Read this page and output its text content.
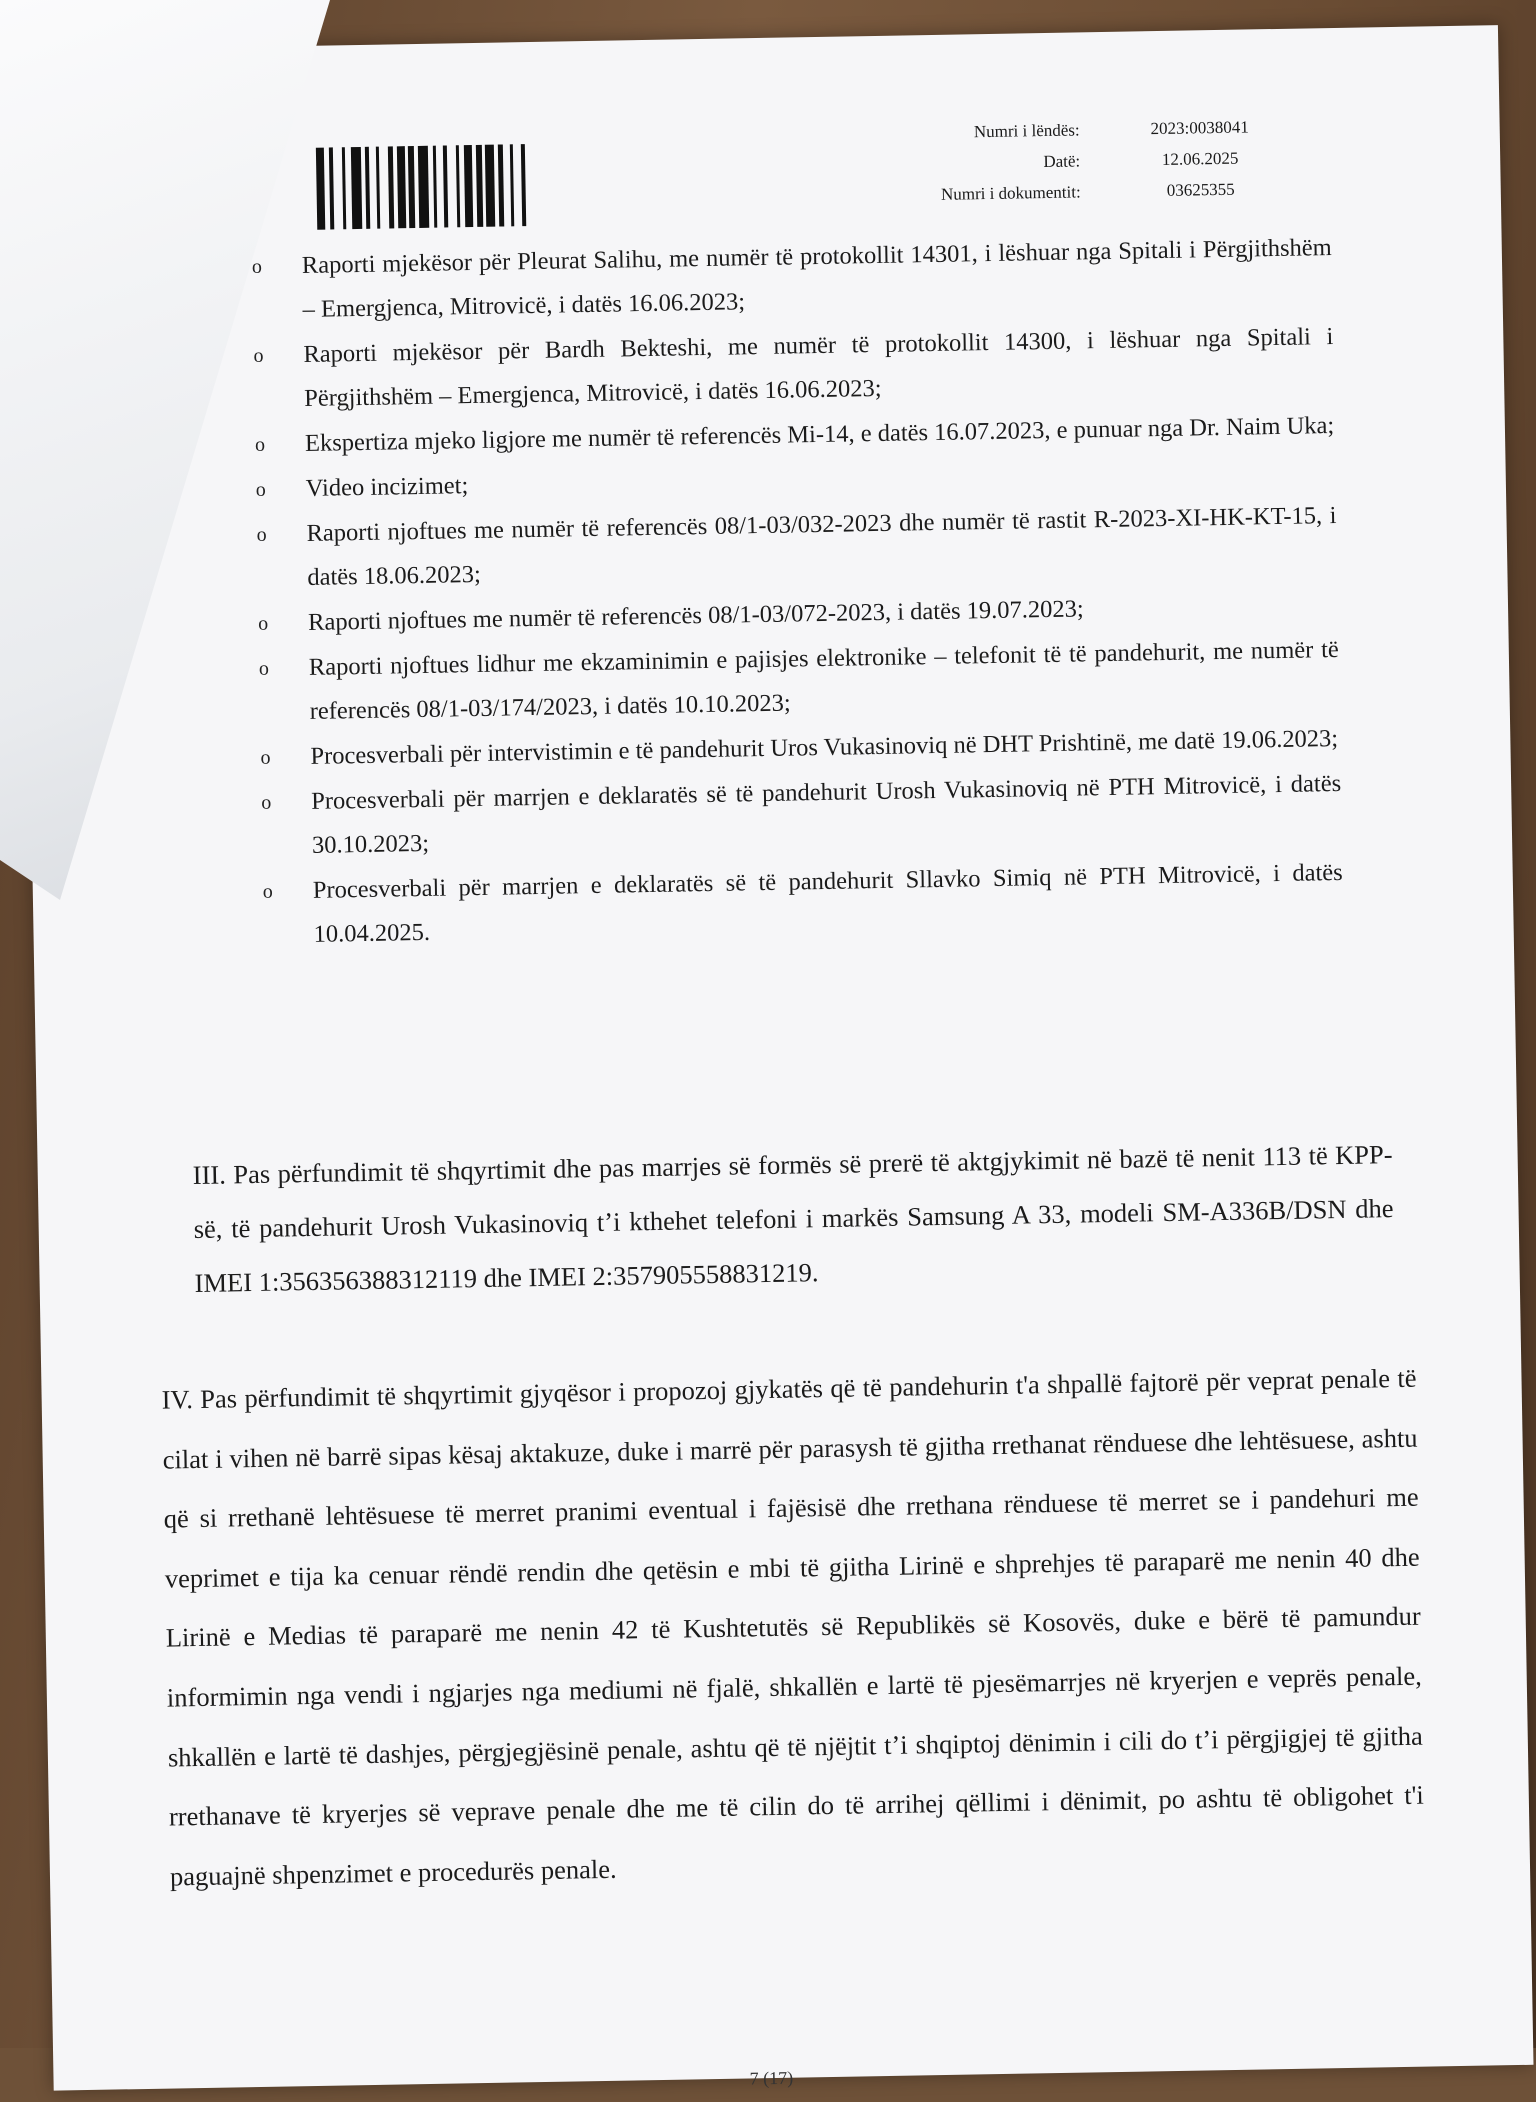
Numri i lëndës:	2023:0038041
Datë:	12.06.2025
Numri i dokumentit:	03625355
o Raporti mjekësor për Pleurat Salihu, me numër të protokollit 14301, i lëshuar nga Spitali i Përgjithshëm – Emergjenca, Mitrovicë, i datës 16.06.2023;
o Raporti mjekësor për Bardh Bekteshi, me numër të protokollit 14300, i lëshuar nga Spitali i Përgjithshëm – Emergjenca, Mitrovicë, i datës 16.06.2023;
o Ekspertiza mjeko ligjore me numër të referencës Mi-14, e datës 16.07.2023, e punuar nga Dr. Naim Uka;
o Video incizimet;
o Raporti njoftues me numër të referencës 08/1-03/032-2023 dhe numër të rastit R-2023-XI-HK-KT-15, i datës 18.06.2023;
o Raporti njoftues me numër të referencës 08/1-03/072-2023, i datës 19.07.2023;
o Raporti njoftues lidhur me ekzaminimin e pajisjes elektronike – telefonit të të pandehurit, me numër të referencës 08/1-03/174/2023, i datës 10.10.2023;
o Procesverbali për intervistimin e të pandehurit Uros Vukasinoviq në DHT Prishtinë, me datë 19.06.2023;
o Procesverbali për marrjen e deklaratës së të pandehurit Urosh Vukasinoviq në PTH Mitrovicë, i datës 30.10.2023;
o Procesverbali për marrjen e deklaratës së të pandehurit Sllavko Simiq në PTH Mitrovicë, i datës 10.04.2025.
III. Pas përfundimit të shqyrtimit dhe pas marrjes së formës së prerë të aktgjykimit në bazë të nenit 113 të KPP-së, të pandehurit Urosh Vukasinoviq t’i kthehet telefoni i markës Samsung A 33, modeli SM-A336B/DSN dhe IMEI 1:356356388312119 dhe IMEI 2:357905558831219.
IV. Pas përfundimit të shqyrtimit gjyqësor i propozoj gjykatës që të pandehurin t'a shpallë fajtorë për veprat penale të cilat i vihen në barrë sipas kësaj aktakuze, duke i marrë për parasysh të gjitha rrethanat rënduese dhe lehtësuese, ashtu që si rrethanë lehtësuese të merret pranimi eventual i fajësisë dhe rrethana rënduese të merret se i pandehuri me veprimet e tija ka cenuar rëndë rendin dhe qetësin e mbi të gjitha Lirinë e shprehjes të paraparë me nenin 40 dhe Lirinë e Medias të paraparë me nenin 42 të Kushtetutës së Republikës së Kosovës, duke e bërë të pamundur informimin nga vendi i ngjarjes nga mediumi në fjalë, shkallën e lartë të pjesëmarrjes në kryerjen e veprës penale, shkallën e lartë të dashjes, përgjegjësinë penale, ashtu që të njëjtit t’i shqiptoj dënimin i cili do t’i përgjigjej të gjitha rrethanave të kryerjes së veprave penale dhe me të cilin do të arrihej qëllimi i dënimit, po ashtu të obligohet t'i paguajnë shpenzimet e procedurës penale.
7 (17)
